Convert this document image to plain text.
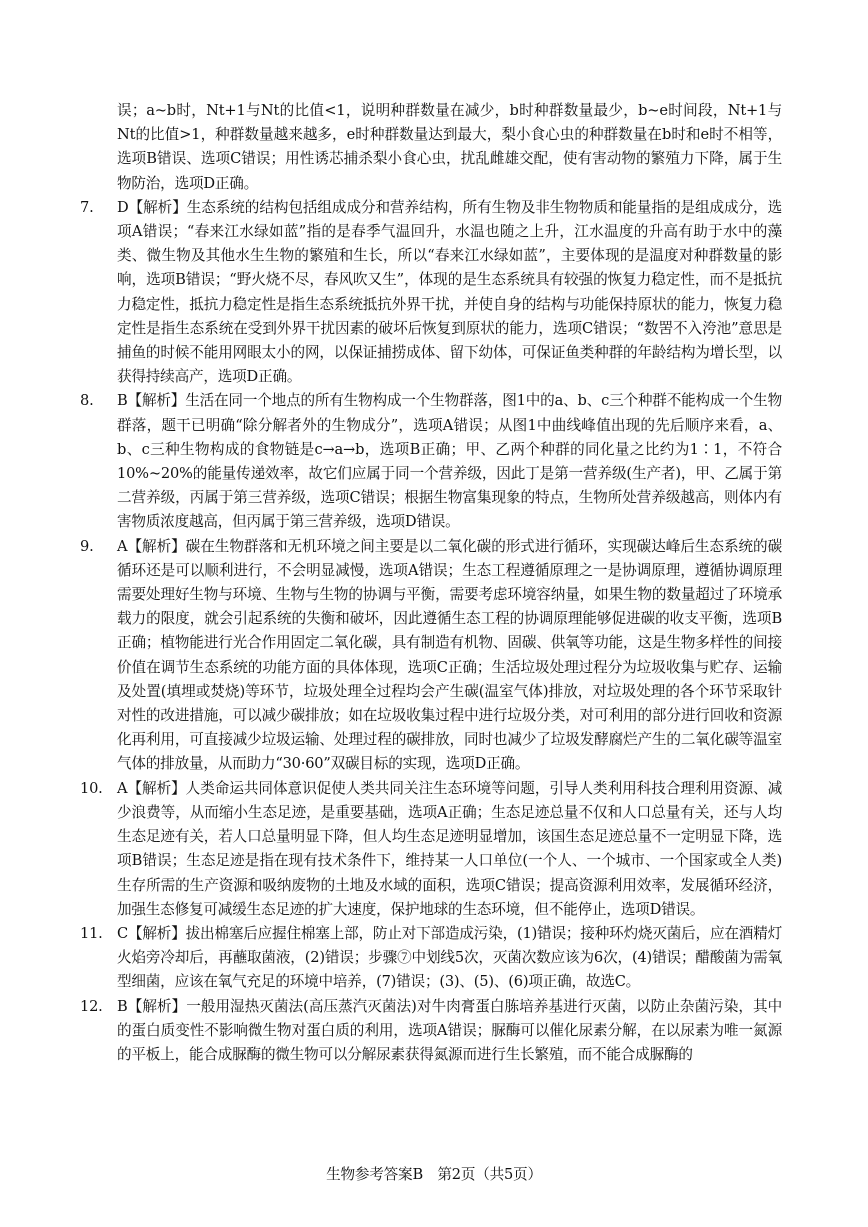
误；a~b时，Nt+1与Nt的比值<1，说明种群数量在减少，b时种群数量最少，b~e时间段，Nt+1与Nt的比值>1，种群数量越来越多，e时种群数量达到最大，梨小食心虫的种群数量在b时和e时不相等，选项B错误、选项C错误；用性诱芯捕杀梨小食心虫，扰乱雌雄交配，使有害动物的繁殖力下降，属于生物防治，选项D正确。

7.	D【解析】生态系统的结构包括组成成分和营养结构，所有生物及非生物物质和能量指的是组成成分，选项A错误；“春来江水绿如蓝”指的是春季气温回升，水温也随之上升，江水温度的升高有助于水中的藻类、微生物及其他水生生物的繁殖和生长，所以“春来江水绿如蓝”，主要体现的是温度对种群数量的影响，选项B错误；“野火烧不尽，春风吹又生”，体现的是生态系统具有较强的恢复力稳定性，而不是抵抗力稳定性，抵抗力稳定性是指生态系统抵抗外界干扰，并使自身的结构与功能保持原状的能力，恢复力稳定性是指生态系统在受到外界干扰因素的破坏后恢复到原状的能力，选项C错误；“数罟不入洿池”意思是捕鱼的时候不能用网眼太小的网，以保证捕捞成体、留下幼体，可保证鱼类种群的年龄结构为增长型，以获得持续高产，选项D正确。

8.	B【解析】生活在同一个地点的所有生物构成一个生物群落，图1中的a、b、c三个种群不能构成一个生物群落，题干已明确“除分解者外的生物成分”，选项A错误；从图1中曲线峰值出现的先后顺序来看，a、b、c三种生物构成的食物链是c→a→b，选项B正确；甲、乙两个种群的同化量之比约为1∶1，不符合10%~20%的能量传递效率，故它们应属于同一个营养级，因此丁是第一营养级(生产者)，甲、乙属于第二营养级，丙属于第三营养级，选项C错误；根据生物富集现象的特点，生物所处营养级越高，则体内有害物质浓度越高，但丙属于第三营养级，选项D错误。

9.	A【解析】碳在生物群落和无机环境之间主要是以二氧化碳的形式进行循环，实现碳达峰后生态系统的碳循环还是可以顺利进行，不会明显减慢，选项A错误；生态工程遵循原理之一是协调原理，遵循协调原理需要处理好生物与环境、生物与生物的协调与平衡，需要考虑环境容纳量，如果生物的数量超过了环境承载力的限度，就会引起系统的失衡和破坏，因此遵循生态工程的协调原理能够促进碳的收支平衡，选项B正确；植物能进行光合作用固定二氧化碳，具有制造有机物、固碳、供氧等功能，这是生物多样性的间接价值在调节生态系统的功能方面的具体体现，选项C正确；生活垃圾处理过程分为垃圾收集与贮存、运输及处置(填埋或焚烧)等环节，垃圾处理全过程均会产生碳(温室气体)排放，对垃圾处理的各个环节采取针对性的改进措施，可以减少碳排放；如在垃圾收集过程中进行垃圾分类，对可利用的部分进行回收和资源化再利用，可直接减少垃圾运输、处理过程的碳排放，同时也减少了垃圾发酵腐烂产生的二氧化碳等温室气体的排放量，从而助力“30·60”双碳目标的实现，选项D正确。

10. A【解析】人类命运共同体意识促使人类共同关注生态环境等问题，引导人类利用科技合理利用资源、减少浪费等，从而缩小生态足迹，是重要基础，选项A正确；生态足迹总量不仅和人口总量有关，还与人均生态足迹有关，若人口总量明显下降，但人均生态足迹明显增加，该国生态足迹总量不一定明显下降，选项B错误；生态足迹是指在现有技术条件下，维持某一人口单位(一个人、一个城市、一个国家或全人类)生存所需的生产资源和吸纳废物的土地及水域的面积，选项C错误；提高资源利用效率，发展循环经济，加强生态修复可减缓生态足迹的扩大速度，保护地球的生态环境，但不能停止，选项D错误。

11. C【解析】拔出棉塞后应握住棉塞上部，防止对下部造成污染，(1)错误；接种环灼烧灭菌后，应在酒精灯火焰旁冷却后，再蘸取菌液，(2)错误；步骤⑦中划线5次，灭菌次数应该为6次，(4)错误；醋酸菌为需氧型细菌，应该在氧气充足的环境中培养，(7)错误；(3)、(5)、(6)项正确，故选C。

12. B【解析】一般用湿热灭菌法(高压蒸汽灭菌法)对牛肉膏蛋白胨培养基进行灭菌，以防止杂菌污染，其中的蛋白质变性不影响微生物对蛋白质的利用，选项A错误；脲酶可以催化尿素分解，在以尿素为唯一氮源的平板上，能合成脲酶的微生物可以分解尿素获得氮源而进行生长繁殖，而不能合成脲酶的

生物参考答案B　第2页（共5页）
